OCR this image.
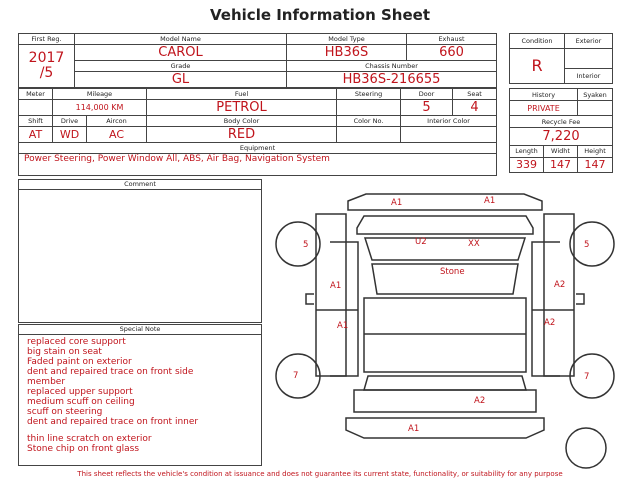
Vehicle Information Sheet
First Reg.	Model Name	Model Type	Exhaust

2017
/5	CAROL	HB36S	660
	Grade	Chassis Number	
	GL	HB36S-216655	
Condition	Exterior
R	
	Interior
Meter	Mileage		Fuel	Steering	Door	Seat
	114,000 KM		PETROL		5	4
Shift	Drive	Aircon	Body Color	Color No.	Interior Color	
AT	WD	AC	RED			
Equipment						
Power Steering, Power Window All, ABS, Air Bag, Navigation System						
History		Syaken
PRIVATE		
Recycle Fee		
7,220		
Length	Widht	Height
339	147	147
Comment
Special Note
replaced core support
big stain on seat
Faded paint on exterior
dent and repaired trace on front side
member
replaced upper support
medium scuff on ceiling
scuff on steering
dent and repaired trace on front inner
thin line scratch on exterior
Stone chip on front glass
A1	A1
5	5
U2	XX
Stone
A1	A2
A1	A2
7	7
A2
A1
This sheet reflects the vehicle's condition at issuance and does not guarantee its current state, functionality, or suitability for any purpose
